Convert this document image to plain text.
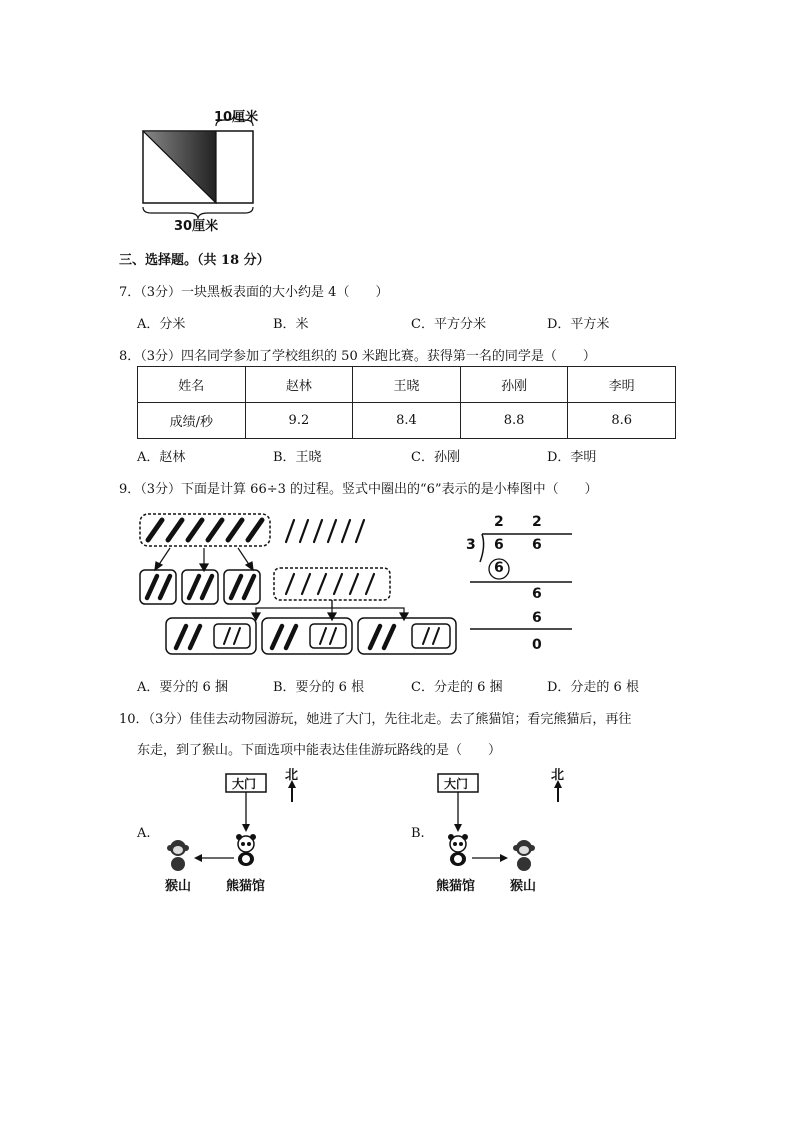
10厘米
30厘米
三、选择题。（共 18 分）
7．（3分）一块黑板表面的大小约是 4（　　）
A．分米	B．米	C．平方分米	D．平方米
8．（3分）四名同学参加了学校组织的 50 米跑比赛。获得第一名的同学是（　　）
姓名	赵林	王晓	孙刚	李明
成绩/秒	9.2	8.4	8.8	8.6
A．赵林	B．王晓	C．孙刚	D．李明
9．（3分）下面是计算 66÷3 的过程。竖式中圈出的“6”表示的是小棒图中（　　）
2 2
3 6 6
6
6
6
0
A．要分的 6 捆	B．要分的 6 根	C．分走的 6 捆	D．分走的 6 根
10．（3分）佳佳去动物园游玩，她进了大门，先往北走。去了熊猫馆；看完熊猫后，再往
东走，到了猴山。下面选项中能表达佳佳游玩路线的是（　　）
A.
大门
北
猴山	熊猫馆
B.
大门
北
熊猫馆	猴山
